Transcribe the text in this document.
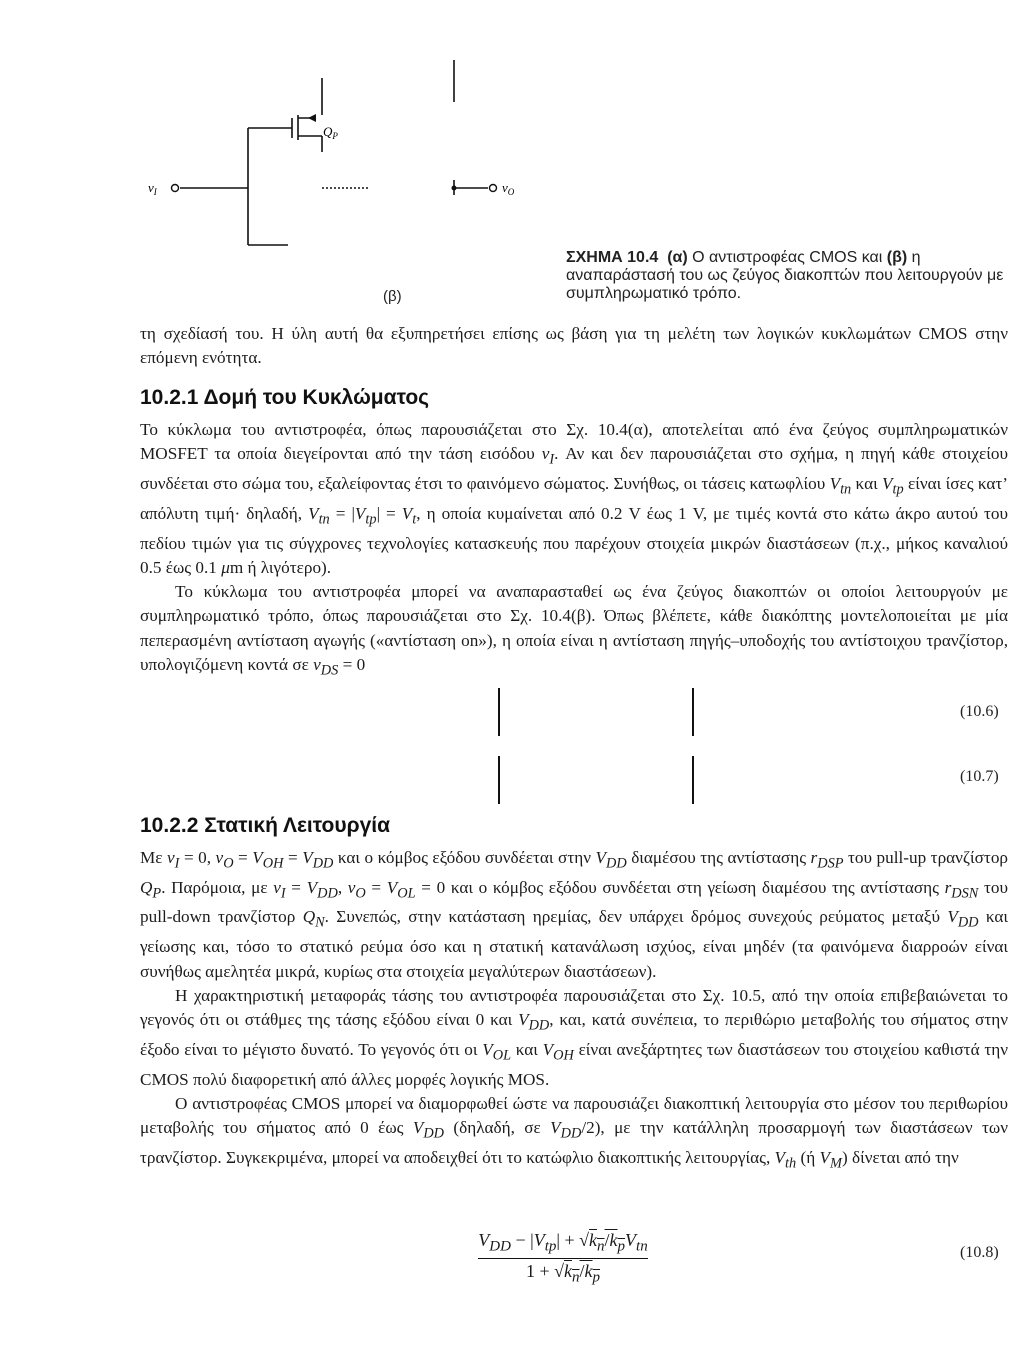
$Q_P$
$v_I$	$v_O$
(β)
ΣΧΗΜΑ 10.4 (α) Ο αντιστροφέας CMOS και (β) η αναπαράστασή του ως ζεύγος διακοπτών που λειτουργούν με συμπληρωματικό τρόπο.

τη σχεδίασή του. Η ύλη αυτή θα εξυπηρετήσει επίσης ως βάση για τη μελέτη των λογικών κυκλωμάτων CMOS στην επόμενη ενότητα.

10.2.1 Δομή του Κυκλώματος

Το κύκλωμα του αντιστροφέα, όπως παρουσιάζεται στο Σχ. 10.4(α), αποτελείται από ένα ζεύγος συμπληρωματικών MOSFET τα οποία διεγείρονται από την τάση εισόδου $v_I$. Αν και δεν παρουσιάζεται στο σχήμα, η πηγή κάθε στοιχείου συνδέεται στο σώμα του, εξαλείφοντας έτσι το φαινόμενο σώματος. Συνήθως, οι τάσεις κατωφλίου $V_{tn}$ και $V_{tp}$ είναι ίσες κατ’ απόλυτη τιμή· δηλαδή, $V_{tn} = |V_{tp}| = V_t$, η οποία κυμαίνεται από 0.2 V έως 1 V, με τιμές κοντά στο κάτω άκρο αυτού του πεδίου τιμών για τις σύγχρονες τεχνολογίες κατασκευής που παρέχουν στοιχεία μικρών διαστάσεων (π.χ., μήκος καναλιού 0.5 έως 0.1 μm ή λιγότερο).

Το κύκλωμα του αντιστροφέα μπορεί να αναπαρασταθεί ως ένα ζεύγος διακοπτών οι οποίοι λειτουργούν με συμπληρωματικό τρόπο, όπως παρουσιάζεται στο Σχ. 10.4(β). Όπως βλέπετε, κάθε διακόπτης μοντελοποιείται με μία πεπερασμένη αντίσταση αγωγής («αντίσταση on»), η οποία είναι η αντίσταση πηγής–υποδοχής του αντίστοιχου τρανζίστορ, υπολογιζόμενη κοντά σε $v_{DS} = 0$

(10.6)
(10.7)
10.2.2 Στατική Λειτουργία

Με $v_I = 0$, $v_O = V_{OH} = V_{DD}$ και ο κόμβος εξόδου συνδέεται στην $V_{DD}$ διαμέσου της αντίστασης $r_{DSP}$ του pull-up τρανζίστορ $Q_P$. Παρόμοια, με $v_I = V_{DD}$, $v_O = V_{OL} = 0$ και ο κόμβος εξόδου συνδέεται στη γείωση διαμέσου της αντίστασης $r_{DSN}$ του pull-down τρανζίστορ $Q_N$. Συνεπώς, στην κατάσταση ηρεμίας, δεν υπάρχει δρόμος συνεχούς ρεύματος μεταξύ $V_{DD}$ και γείωσης και, τόσο το στατικό ρεύμα όσο και η στατική κατανάλωση ισχύος, είναι μηδέν (τα φαινόμενα διαρροών είναι συνήθως αμελητέα μικρά, κυρίως στα στοιχεία μεγαλύτερων διαστάσεων).

Η χαρακτηριστική μεταφοράς τάσης του αντιστροφέα παρουσιάζεται στο Σχ. 10.5, από την οποία επιβεβαιώνεται το γεγονός ότι οι στάθμες της τάσης εξόδου είναι 0 και $V_{DD}$, και, κατά συνέπεια, το περιθώριο μεταβολής του σήματος στην έξοδο είναι το μέγιστο δυνατό. Το γεγονός ότι οι $V_{OL}$ και $V_{OH}$ είναι ανεξάρτητες των διαστάσεων του στοιχείου καθιστά την CMOS πολύ διαφορετική από άλλες μορφές λογικής MOS.

Ο αντιστροφέας CMOS μπορεί να διαμορφωθεί ώστε να παρουσιάζει διακοπτική λειτουργία στο μέσον του περιθωρίου μεταβολής του σήματος από 0 έως $V_{DD}$ (δηλαδή, σε $V_{DD}/2$), με την κατάλληλη προσαρμογή των διαστάσεων των τρανζίστορ. Συγκεκριμένα, μπορεί να αποδειχθεί ότι το κατώφλιο διακοπτικής λειτουργίας, $V_{th}$ (ή $V_M$) δίνεται από την

$V_{DD} - |V_{tp}| + √k_n/k_pV_{tn}$
$1 + √k_n/k_p$
(10.8)
